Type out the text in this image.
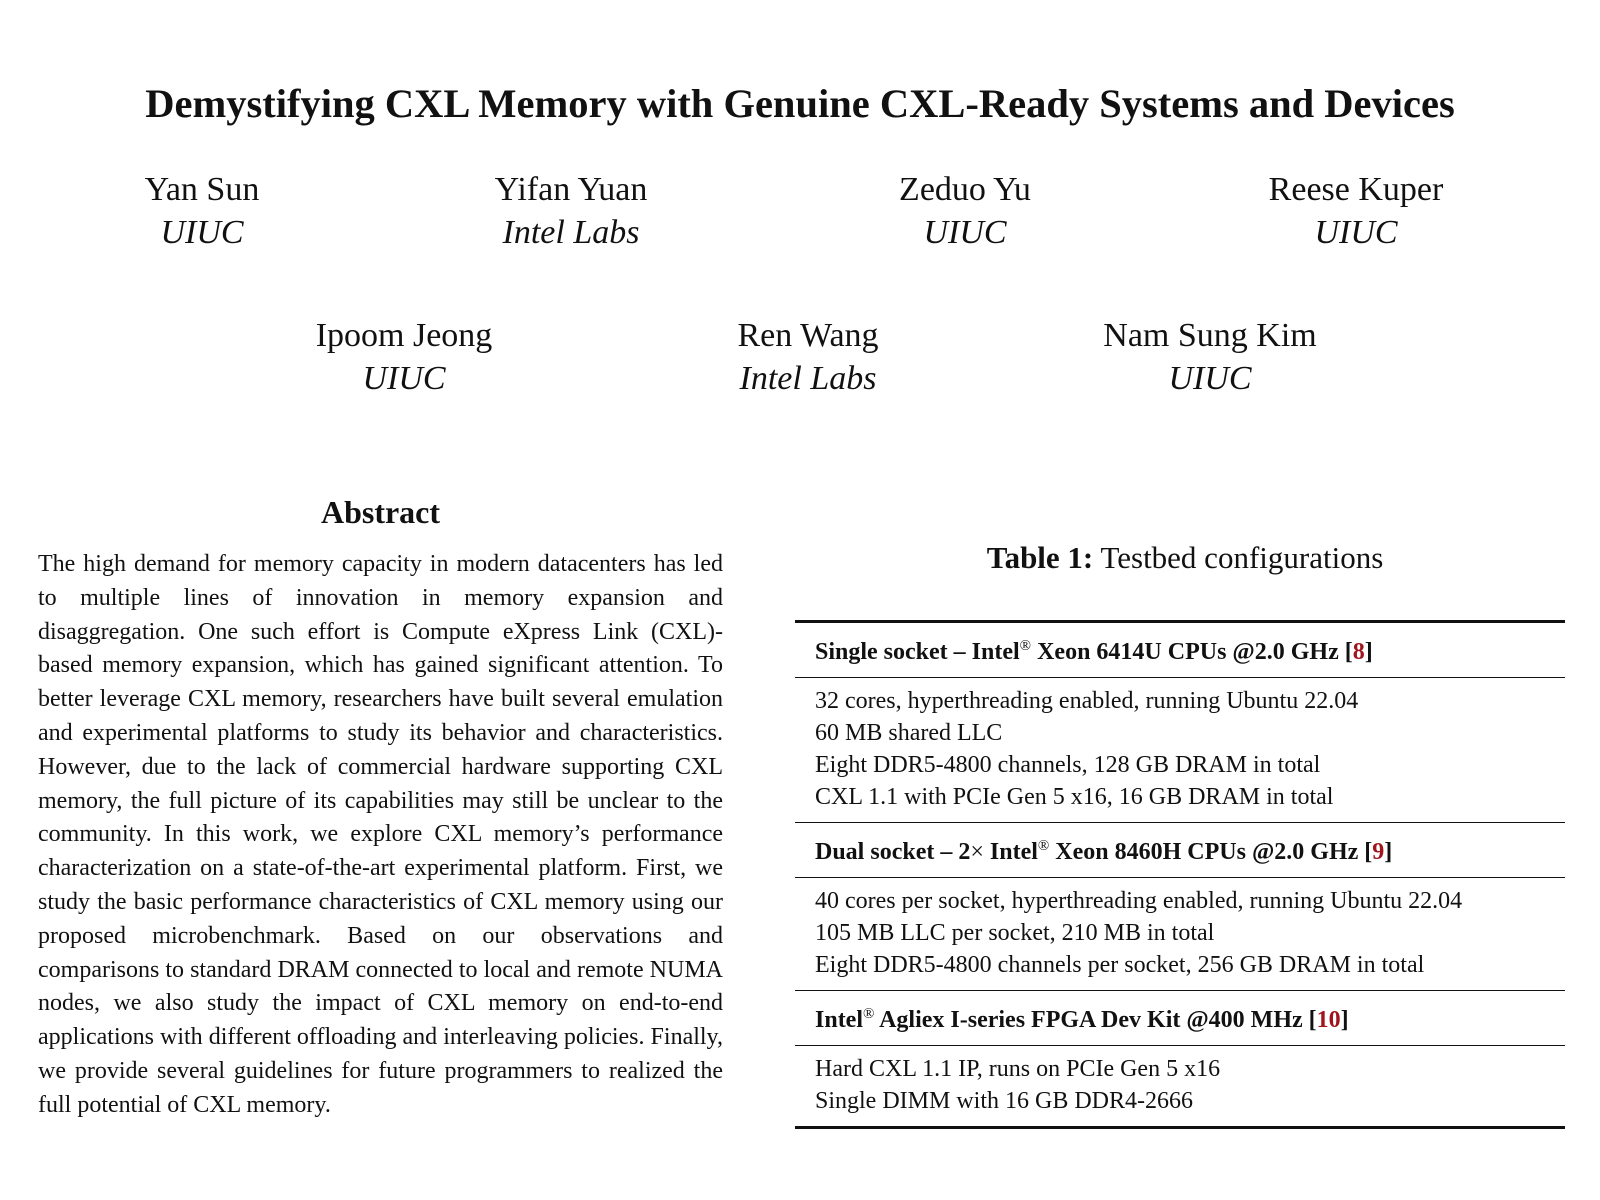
Demystifying CXL Memory with Genuine CXL-Ready Systems and Devices
Yan Sun
UIUC
Yifan Yuan
Intel Labs
Zeduo Yu
UIUC
Reese Kuper
UIUC
Ipoom Jeong
UIUC
Ren Wang
Intel Labs
Nam Sung Kim
UIUC
Abstract

The high demand for memory capacity in modern datacenters has led to multiple lines of innovation in memory expansion and disaggregation. One such effort is Compute eXpress Link (CXL)-based memory expansion, which has gained significant attention. To better leverage CXL memory, researchers have built several emulation and experimental platforms to study its behavior and characteristics. However, due to the lack of commercial hardware supporting CXL memory, the full picture of its capabilities may still be unclear to the community. In this work, we explore CXL memory’s performance characterization on a state-of-the-art experimental platform. First, we study the basic performance characteristics of CXL memory using our proposed microbenchmark. Based on our observations and comparisons to standard DRAM connected to local and remote NUMA nodes, we also study the impact of CXL memory on end-to-end applications with different offloading and interleaving policies. Finally, we provide several guidelines for future programmers to realized the full potential of CXL memory.

Table 1: Testbed configurations
Single socket – Intel® Xeon 6414U CPUs @2.0 GHz [8]
32 cores, hyperthreading enabled, running Ubuntu 22.04
60 MB shared LLC
Eight DDR5-4800 channels, 128 GB DRAM in total
CXL 1.1 with PCIe Gen 5 x16, 16 GB DRAM in total
Dual socket – 2× Intel® Xeon 8460H CPUs @2.0 GHz [9]
40 cores per socket, hyperthreading enabled, running Ubuntu 22.04
105 MB LLC per socket, 210 MB in total
Eight DDR5-4800 channels per socket, 256 GB DRAM in total
Intel® Agliex I-series FPGA Dev Kit @400 MHz [10]
Hard CXL 1.1 IP, runs on PCIe Gen 5 x16
Single DIMM with 16 GB DDR4-2666
